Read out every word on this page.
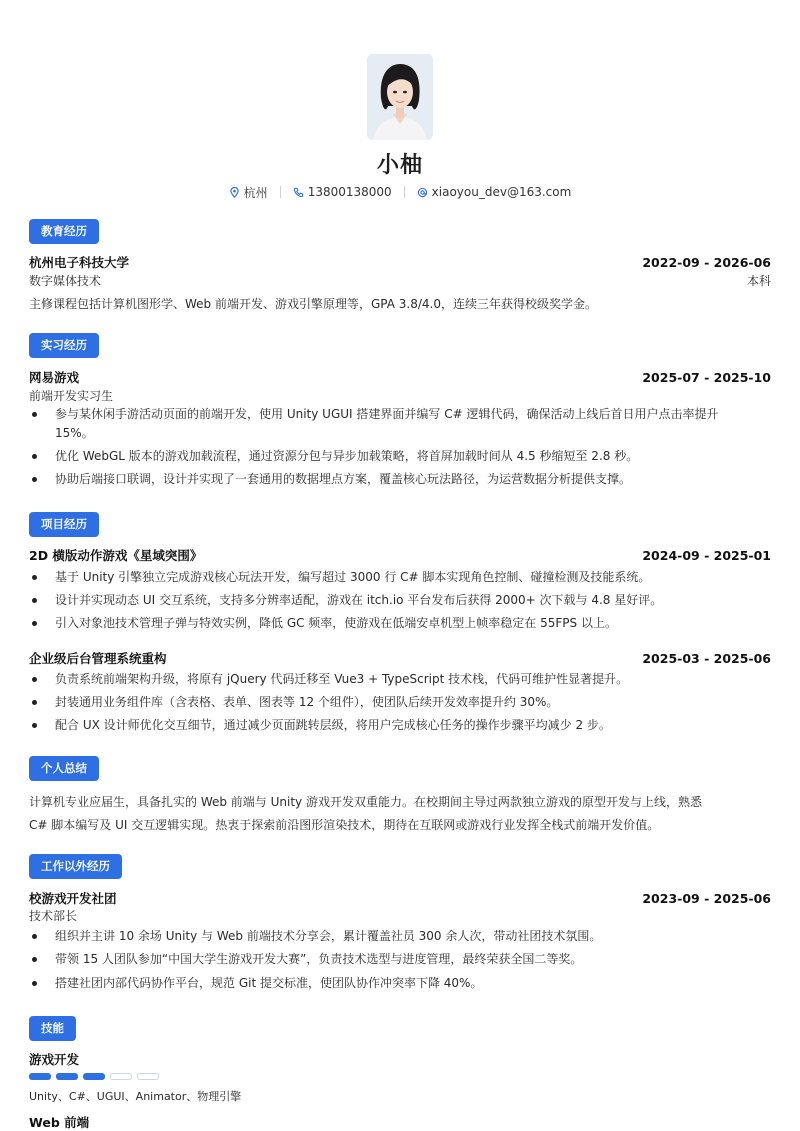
小柚
杭州	13800138000	xiaoyou_dev@163.com
教育经历
杭州电子科技大学	2022-09 - 2026-06
数字媒体技术	本科
主修课程包括计算机图形学、Web 前端开发、游戏引擎原理等，GPA 3.8/4.0，连续三年获得校级奖学金。
实习经历
网易游戏	2025-07 - 2025-10
前端开发实习生
参与某休闲手游活动页面的前端开发，使用 Unity UGUI 搭建界面并编写 C# 逻辑代码，确保活动上线后首日用户点击率提升
15%。
优化 WebGL 版本的游戏加载流程，通过资源分包与异步加载策略，将首屏加载时间从 4.5 秒缩短至 2.8 秒。
协助后端接口联调，设计并实现了一套通用的数据埋点方案，覆盖核心玩法路径，为运营数据分析提供支撑。
项目经历
2D 横版动作游戏《星域突围》	2024-09 - 2025-01
基于 Unity 引擎独立完成游戏核心玩法开发，编写超过 3000 行 C# 脚本实现角色控制、碰撞检测及技能系统。
设计并实现动态 UI 交互系统，支持多分辨率适配，游戏在 itch.io 平台发布后获得 2000+ 次下载与 4.8 星好评。
引入对象池技术管理子弹与特效实例，降低 GC 频率，使游戏在低端安卓机型上帧率稳定在 55FPS 以上。
企业级后台管理系统重构	2025-03 - 2025-06
负责系统前端架构升级，将原有 jQuery 代码迁移至 Vue3 + TypeScript 技术栈，代码可维护性显著提升。
封装通用业务组件库（含表格、表单、图表等 12 个组件），使团队后续开发效率提升约 30%。
配合 UX 设计师优化交互细节，通过减少页面跳转层级，将用户完成核心任务的操作步骤平均减少 2 步。
个人总结
计算机专业应届生，具备扎实的 Web 前端与 Unity 游戏开发双重能力。在校期间主导过两款独立游戏的原型开发与上线，熟悉
C# 脚本编写及 UI 交互逻辑实现。热衷于探索前沿图形渲染技术，期待在互联网或游戏行业发挥全栈式前端开发价值。
工作以外经历
校游戏开发社团	2023-09 - 2025-06
技术部长
组织并主讲 10 余场 Unity 与 Web 前端技术分享会，累计覆盖社员 300 余人次，带动社团技术氛围。
带领 15 人团队参加“中国大学生游戏开发大赛”，负责技术选型与进度管理，最终荣获全国二等奖。
搭建社团内部代码协作平台，规范 Git 提交标准，使团队协作冲突率下降 40%。
技能
游戏开发
Unity、C#、UGUI、Animator、物理引擎
Web 前端
